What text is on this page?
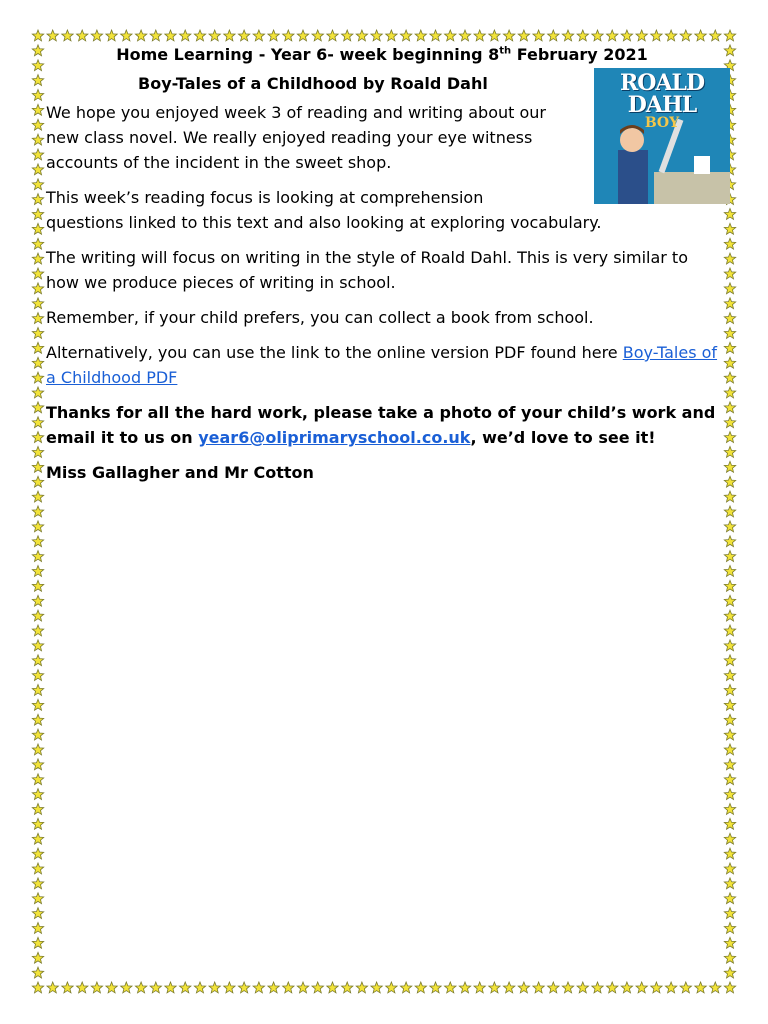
Home Learning - Year 6- week beginning 8th February 2021
Boy-Tales of a Childhood by Roald Dahl	ROALD DAHL
BOY

We hope you enjoyed week 3 of reading and writing about our new class novel. We really enjoyed reading your eye witness accounts of the incident in the sweet shop.

This week’s reading focus is looking at comprehension
questions linked to this text and also looking at exploring vocabulary.

The writing will focus on writing in the style of Roald Dahl. This is very similar to how we produce pieces of writing in school.

Remember, if your child prefers, you can collect a book from school.

Alternatively, you can use the link to the online version PDF found here Boy-Tales of a Childhood PDF

Thanks for all the hard work, please take a photo of your child’s work and email it to us on year6@oliprimaryschool.co.uk, we’d love to see it!

Miss Gallagher and Mr Cotton
